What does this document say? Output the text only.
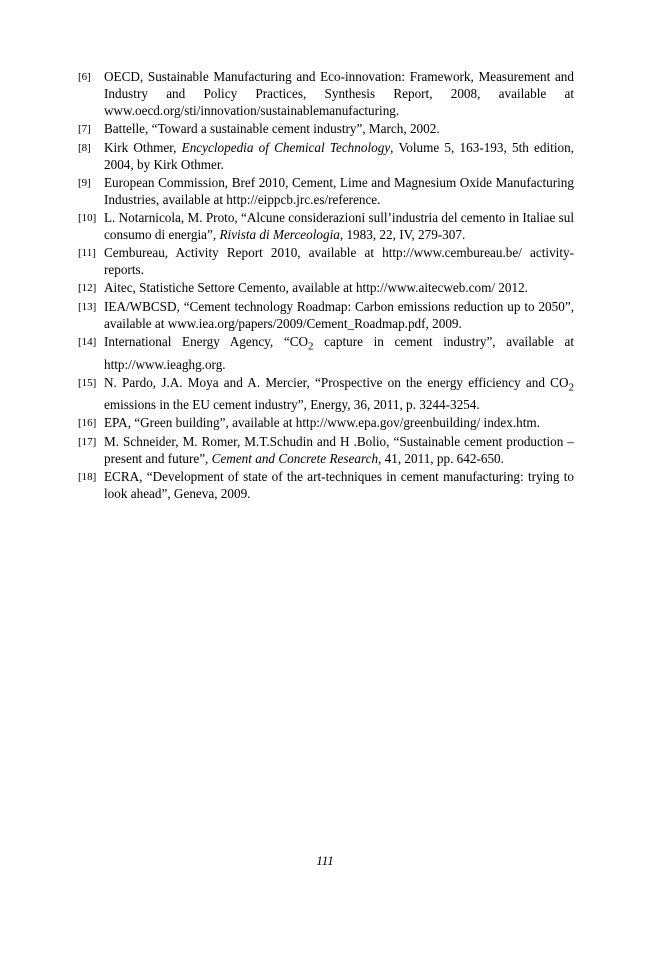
[6] OECD, Sustainable Manufacturing and Eco-innovation: Framework, Measurement and Industry and Policy Practices, Synthesis Report, 2008, available at www.oecd.org/sti/innovation/sustainablemanufacturing.
[7] Battelle, “Toward a sustainable cement industry”, March, 2002.
[8] Kirk Othmer, Encyclopedia of Chemical Technology, Volume 5, 163-193, 5th edition, 2004, by Kirk Othmer.
[9] European Commission, Bref 2010, Cement, Lime and Magnesium Oxide Manufacturing Industries, available at http://eippcb.jrc.es/reference.
[10] L. Notarnicola, M. Proto, “Alcune considerazioni sull’industria del cemento in Italiae sul consumo di energia”, Rivista di Merceologia, 1983, 22, IV, 279-307.
[11] Cembureau, Activity Report 2010, available at http://www.cembureau.be/ activity-reports.
[12] Aitec, Statistiche Settore Cemento, available at http://www.aitecweb.com/ 2012.
[13] IEA/WBCSD, “Cement technology Roadmap: Carbon emissions reduction up to 2050”, available at www.iea.org/papers/2009/Cement_Roadmap.pdf, 2009.
[14] International Energy Agency, “$CO_2$ capture in cement industry”, available at http://www.ieaghg.org.
[15] N. Pardo, J.A. Moya and A. Mercier, “Prospective on the energy efficiency and $CO_2$ emissions in the EU cement industry”, Energy, 36, 2011, p. 3244-3254.
[16] EPA, “Green building”, available at http://www.epa.gov/greenbuilding/ index.htm.
[17] M. Schneider, M. Romer, M.T.Schudin and H .Bolio, “Sustainable cement production – present and future”, Cement and Concrete Research, 41, 2011, pp. 642-650.
[18] ECRA, “Development of state of the art-techniques in cement manufacturing: trying to look ahead”, Geneva, 2009.
111
